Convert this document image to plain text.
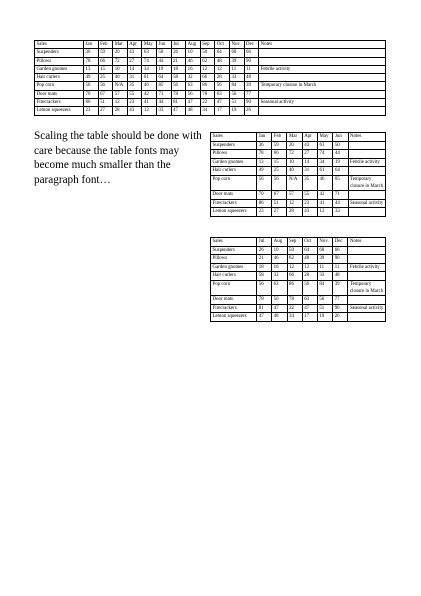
Sales	Jan	Feb	Mar	Apr	May	Jun	Jul	Aug	Sep	Oct	Nov	Dec	Notes
Suspenders	36	59	20	43	63	50	26	10	50	64	60	66	
Pillows	78	66	72	27	74	44	21	46	62	48	39	90	
Garden gnomes	13	15	10	14	34	19	18	16	12	12	11	11	Febrile activity
Hair curlers	49	25	40	31	61	64	58	32	66	28	33	48	
Pop corn	56	56	N/A	35	46	85	56	63	86	56	84	39	Temporary closure in March
Door mats	70	67	57	55	42	71	78	56	78	63	56	77	
Firecrackers	86	51	12	23	41	44	81	47	22	47	51	90	Seasonal activity
Lemon squeezers	23	27	28	43	12	33	47	48	34	17	19	26	

Scaling the table should be done with care because the table fonts may become much smaller than the paragraph font…

Sales	Jan	Feb	Mar	Apr	May	Jun	Notes
Suspenders	36	59	20	43	63	50	
Pillows	78	66	72	27	74	44	
Garden gnomes	13	15	10	14	34	19	Febrile activity
Hair curlers	49	25	40	31	61	64	
Pop corn	56	56	N/A	35	46	85	Temporary closure in March
Door mats	70	67	57	55	42	71	
Firecrackers	86	51	12	23	41	44	Seasonal activity
Lemon squeezers	23	27	28	43	12	33	
Sales	Jul	Aug	Sep	Oct	Nov	Dec	Notes
Suspenders	26	10	50	64	60	66	
Pillows	21	46	62	48	39	90	
Garden gnomes	18	16	12	12	11	11	Febrile activity
Hair curlers	58	32	66	28	33	48	
Pop corn	56	63	86	56	84	39	Temporary closure in March
Door mats	78	56	78	63	56	77	
Firecrackers	81	47	22	47	51	90	Seasonal activity
Lemon squeezers	47	48	34	17	19	26	
